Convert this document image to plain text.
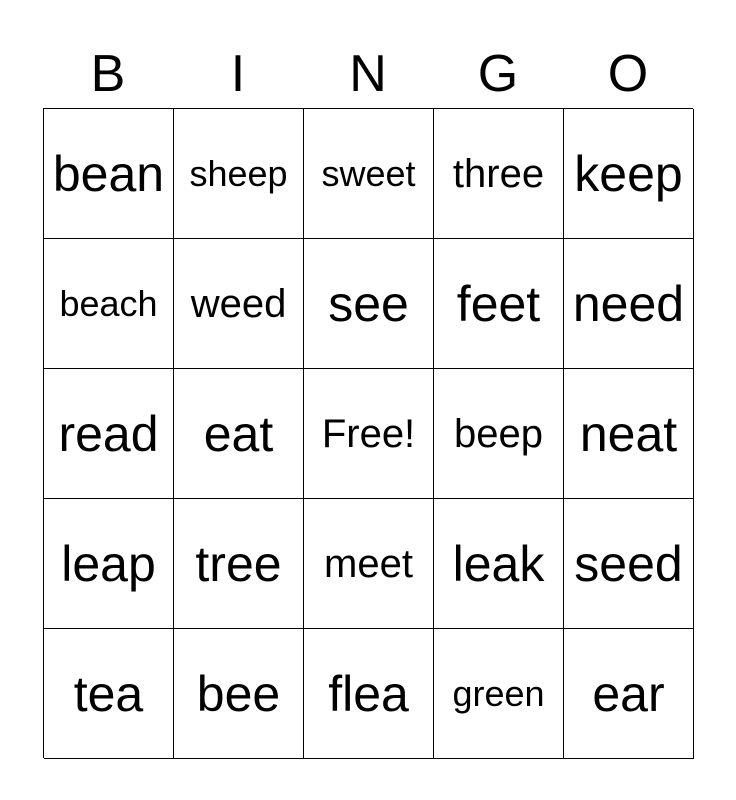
B	I	N	G	O
bean sheep sweet three keep
beach weed see feet need
read eat	Free! beep neat
leap tree	meet leak seed
tea	bee flea	green ear
